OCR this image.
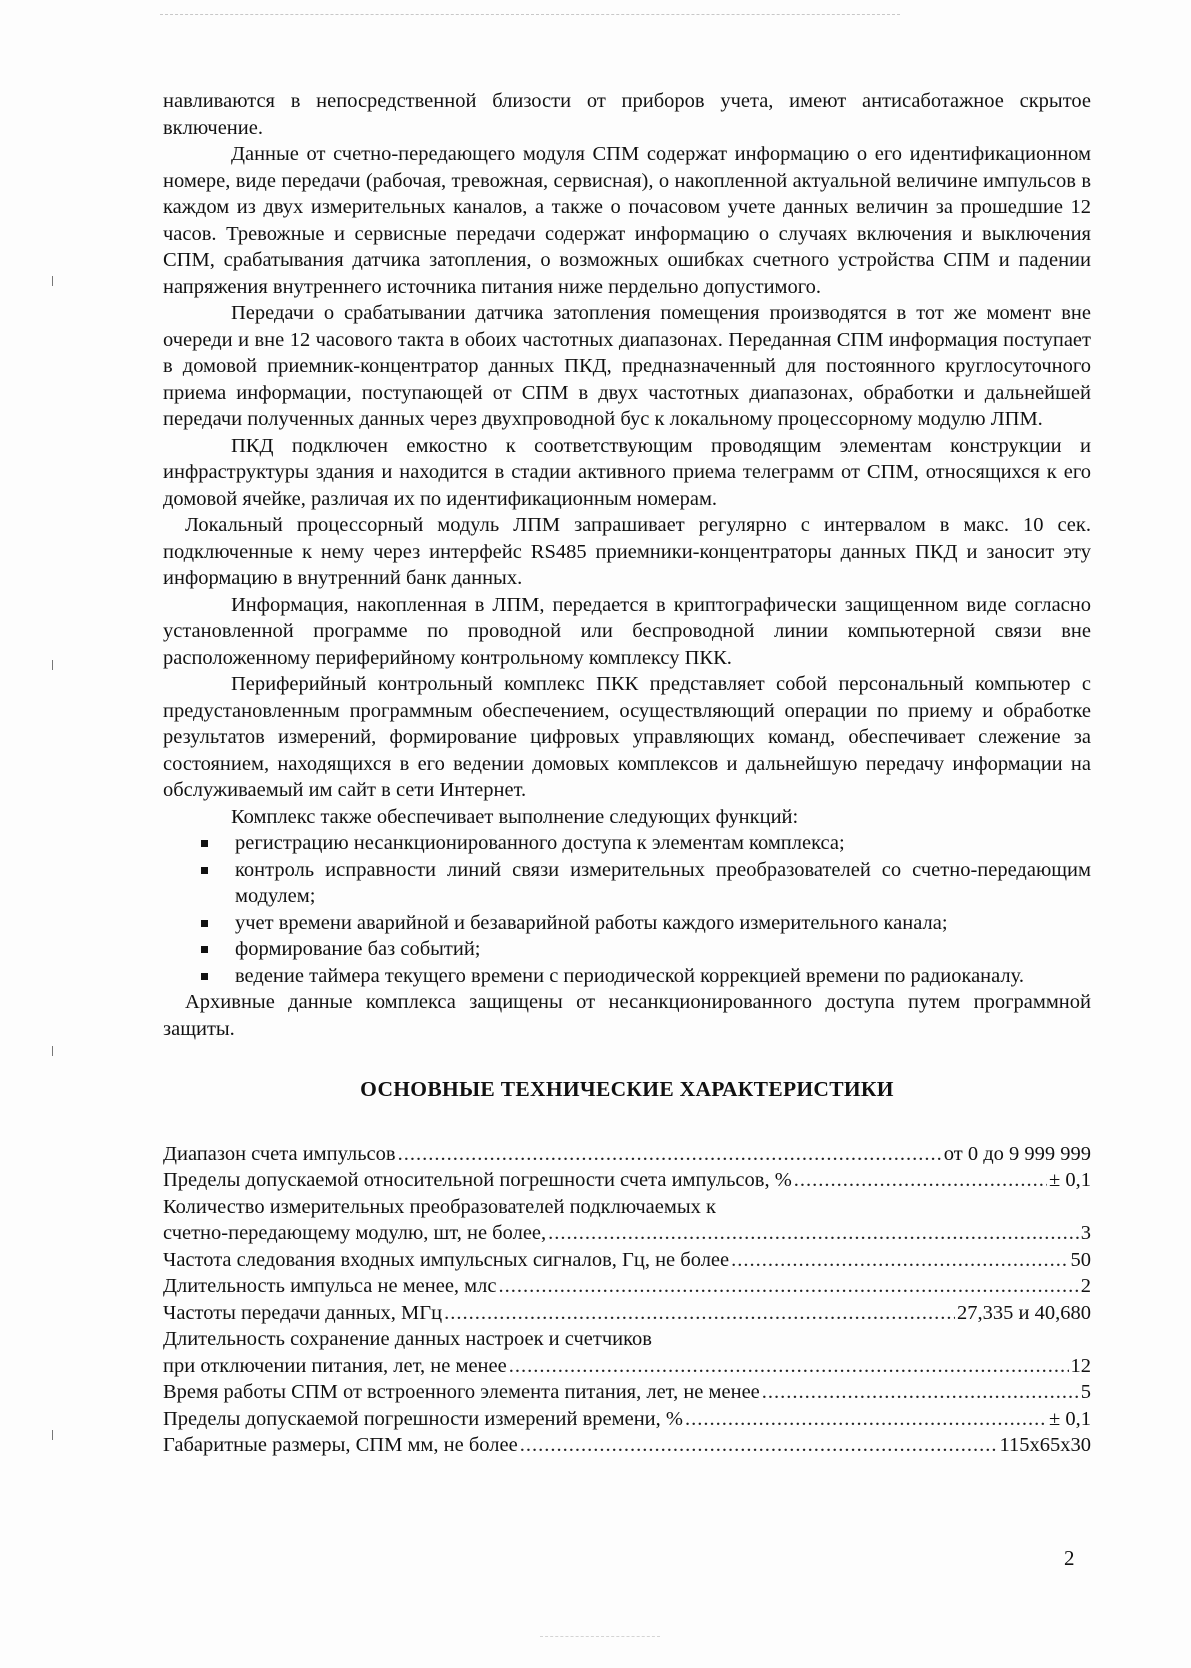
навливаются в непосредственной близости от приборов учета, имеют антисаботажное скрытое включение.

Данные от счетно-передающего модуля СПМ содержат информацию о его идентификационном номере, виде передачи (рабочая, тревожная, сервисная), о накопленной актуальной величине импульсов в каждом из двух измерительных каналов, а также о почасовом учете данных величин за прошедшие 12 часов. Тревожные и сервисные передачи содержат информацию о случаях включения и выключения СПМ, срабатывания датчика затопления, о возможных ошибках счетного устройства СПМ и падении напряжения внутреннего источника питания ниже пердельно допустимого.

Передачи о срабатывании датчика затопления помещения производятся в тот же момент вне очереди и вне 12 часового такта в обоих частотных диапазонах. Переданная СПМ информация поступает в домовой приемник-концентратор данных ПКД, предназначенный для постоянного круглосуточного приема информации, поступающей от СПМ в двух частотных диапазонах, обработки и дальнейшей передачи полученных данных через двухпроводной бус к локальному процессорному модулю ЛПМ.

ПКД подключен емкостно к соответствующим проводящим элементам конструкции и инфраструктуры здания и находится в стадии активного приема телеграмм от СПМ, относящихся к его домовой ячейке, различая их по идентификационным номерам.

Локальный процессорный модуль ЛПМ запрашивает регулярно с интервалом в макс. 10 сек. подключенные к нему через интерфейс RS485 приемники-концентраторы данных ПКД и заносит эту информацию в внутренний банк данных.

Информация, накопленная в ЛПМ, передается в криптографически защищенном виде согласно установленной программе по проводной или беспроводной линии компьютерной связи вне расположенному периферийному контрольному комплексу ПКК.

Периферийный контрольный комплекс ПКК представляет собой персональный компьютер с предустановленным программным обеспечением, осуществляющий операции по приему и обработке результатов измерений, формирование цифровых управляющих команд, обеспечивает слежение за состоянием, находящихся в его ведении домовых комплексов и дальнейшую передачу информации на обслуживаемый им сайт в сети Интернет.

Комплекс также обеспечивает выполнение следующих функций:

регистрацию несанкционированного доступа к элементам комплекса;
контроль исправности линий связи измерительных преобразователей со счетно-передающим модулем;
учет времени аварийной и безаварийной работы каждого измерительного канала;
формирование баз событий;
ведение таймера текущего времени с периодической коррекцией времени по радиоканалу.

Архивные данные комплекса защищены от несанкционированного доступа путем программной защиты.

ОСНОВНЫЕ ТЕХНИЧЕСКИЕ ХАРАКТЕРИСТИКИ
Диапазон счета импульсов .....	от 0 до 9 999 999
Пределы допускаемой относительной погрешности счета импульсов, % .....	± 0,1
Количество измерительных преобразователей подключаемых к
счетно-передающему модулю, шт, не более, .....	3
Частота следования входных импульсных сигналов, Гц, не более .....	50
Длительность импульса не менее, млс .....	2
Частоты передачи данных, МГц .....	27,335 и 40,680
Длительность сохранение данных настроек и счетчиков
при отключении питания, лет, не менее .....	12
Время работы СПМ от встроенного элемента питания, лет, не менее .....	5
Пределы допускаемой погрешности измерений времени, % .....	± 0,1
Габаритные размеры, СПМ мм, не более .....	115x65x30
2
